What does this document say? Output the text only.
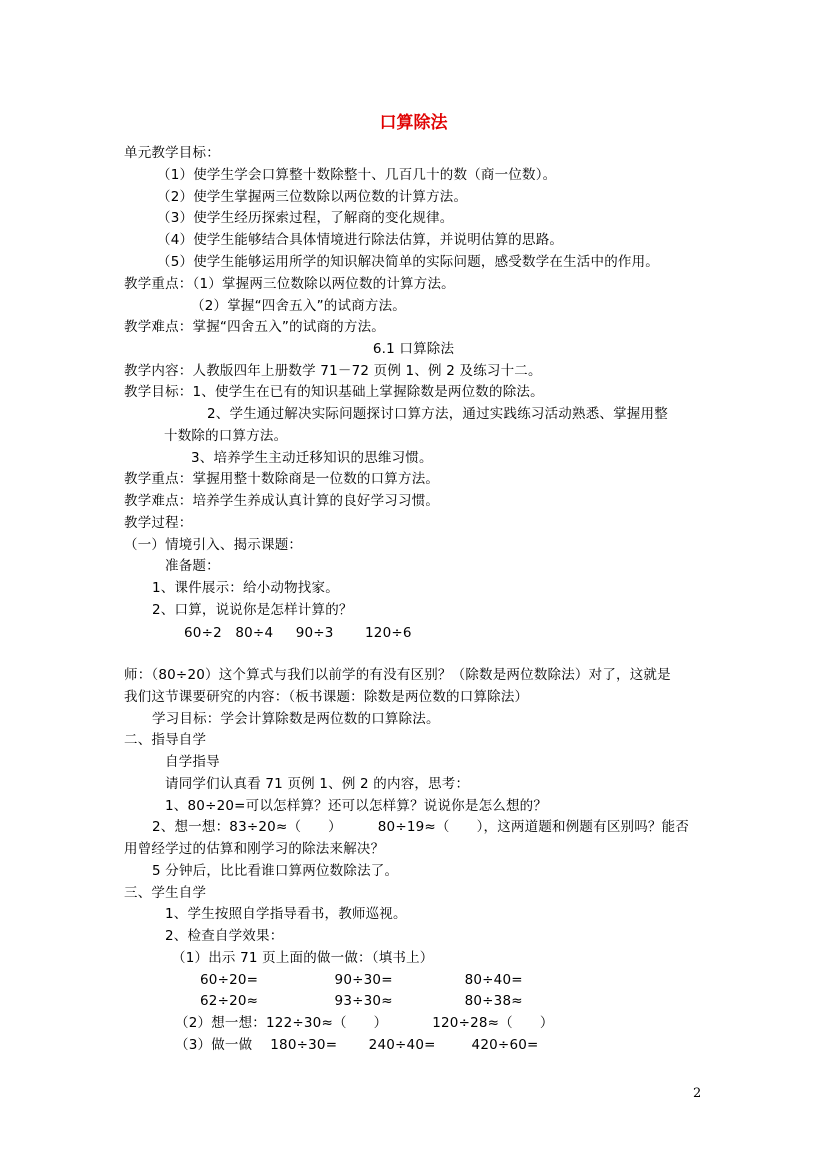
口算除法
单元教学目标：
（1）使学生学会口算整十数除整十、几百几十的数（商一位数）。
（2）使学生掌握两三位数除以两位数的计算方法。
（3）使学生经历探索过程，了解商的变化规律。
（4）使学生能够结合具体情境进行除法估算，并说明估算的思路。
（5）使学生能够运用所学的知识解决简单的实际问题，感受数学在生活中的作用。
教学重点：（1）掌握两三位数除以两位数的计算方法。
（2）掌握“四舍五入”的试商方法。
教学难点：掌握“四舍五入”的试商的方法。
6.1 口算除法
教学内容：人教版四年上册数学 71－72 页例 1、例 2 及练习十二。
教学目标：1、使学生在已有的知识基础上掌握除数是两位数的除法。
2、学生通过解决实际问题探讨口算方法，通过实践练习活动熟悉、掌握用整
十数除的口算方法。
3、培养学生主动迁移知识的思维习惯。
教学重点：掌握用整十数除商是一位数的口算方法。
教学难点：培养学生养成认真计算的良好学习习惯。
教学过程：
（一）情境引入、揭示课题：
准备题：
1、课件展示：给小动物找家。
2、口算，说说你是怎样计算的？
60÷2   80÷4     90÷3       120÷6
师：（80÷20）这个算式与我们以前学的有没有区别？（除数是两位数除法）对了，这就是
我们这节课要研究的内容：（板书课题：除数是两位数的口算除法）
学习目标：学会计算除数是两位数的口算除法。
二、指导自学
自学指导
请同学们认真看 71 页例 1、例 2 的内容，思考：
1、80÷20=可以怎样算？还可以怎样算？说说你是怎么想的？
2、想一想：83÷20≈（      ）        80÷19≈（      ），这两道题和例题有区别吗？能否
用曾经学过的估算和刚学习的除法来解决？
5 分钟后，比比看谁口算两位数除法了。
三、学生自学
1、学生按照自学指导看书，教师巡视。
2、检查自学效果：
（1）出示 71 页上面的做一做：（填书上）
60÷20=                 90÷30=                80÷40=
62÷20≈                 93÷30≈                80÷38≈
（2）想一想：122÷30≈（      ）          120÷28≈（      ）
（3）做一做    180÷30=       240÷40=        420÷60=
2
